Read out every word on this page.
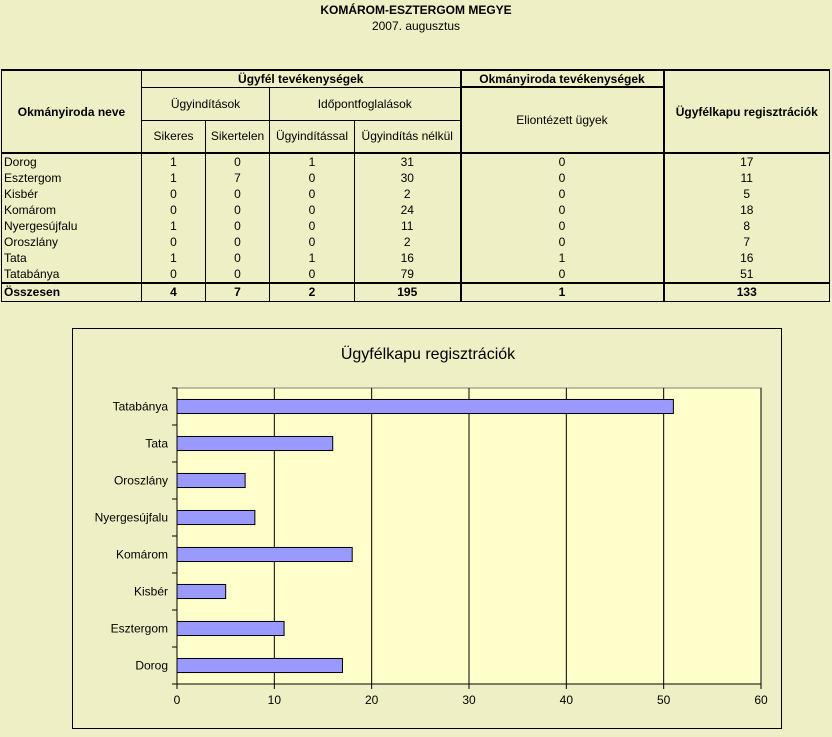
KOMÁROM-ESZTERGOM MEGYE
2007. augusztus
Okmányiroda neve	Ügyfél tevékenységek				Okmányiroda tevékenységek	Ügyfélkapu regisztrációk
	Ügyindítások		Időpontfoglalások		Eliontézett ügyek	
	Sikeres	Sikertelen	Ügyindítással	Ügyindítás nélkül		
Dorog	1	0	1	31	0	17
Esztergom	1	7	0	30	0	11
Kisbér	0	0	0	2	0	5
Komárom	0	0	0	24	0	18
Nyergesújfalu	1	0	0	11	0	8
Oroszlány	0	0	0	2	0	7
Tata	1	0	1	16	1	16
Tatabánya	0	0	0	79	0	51
Összesen	4	7	2	195	1	133
Ügyfélkapu regisztrációk
0	10	20	30	40	50	60
Tatabánya
Tata
Oroszlány
Nyergesújfalu
Komárom
Kisbér
Esztergom
Dorog
